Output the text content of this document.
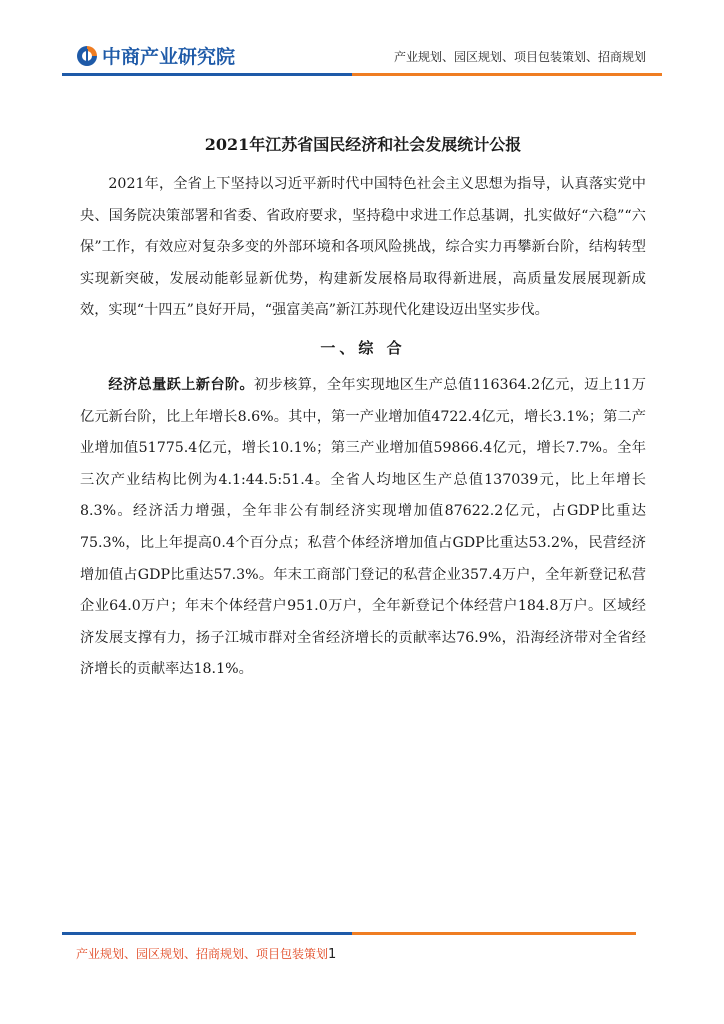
中商产业研究院	产业规划、园区规划、项目包装策划、招商规划
2021年江苏省国民经济和社会发展统计公报

2021年，全省上下坚持以习近平新时代中国特色社会主义思想为指导，认真落实党中央、国务院决策部署和省委、省政府要求，坚持稳中求进工作总基调，扎实做好“六稳”“六保”工作，有效应对复杂多变的外部环境和各项风险挑战，综合实力再攀新台阶，结构转型实现新突破，发展动能彰显新优势，构建新发展格局取得新进展，高质量发展展现新成效，实现“十四五”良好开局，“强富美高”新江苏现代化建设迈出坚实步伐。

一、综 合

经济总量跃上新台阶。初步核算，全年实现地区生产总值116364.2亿元，迈上11万亿元新台阶，比上年增长8.6%。其中，第一产业增加值4722.4亿元，增长3.1%；第二产业增加值51775.4亿元，增长10.1%；第三产业增加值59866.4亿元，增长7.7%。全年三次产业结构比例为4.1:44.5:51.4。全省人均地区生产总值137039元，比上年增长8.3%。经济活力增强，全年非公有制经济实现增加值87622.2亿元，占GDP比重达75.3%，比上年提高0.4个百分点；私营个体经济增加值占GDP比重达53.2%，民营经济增加值占GDP比重达57.3%。年末工商部门登记的私营企业357.4万户，全年新登记私营企业64.0万户；年末个体经营户951.0万户，全年新登记个体经营户184.8万户。区域经济发展支撑有力，扬子江城市群对全省经济增长的贡献率达76.9%，沿海经济带对全省经济增长的贡献率达18.1%。

产业规划、园区规划、招商规划、项目包装策划1
